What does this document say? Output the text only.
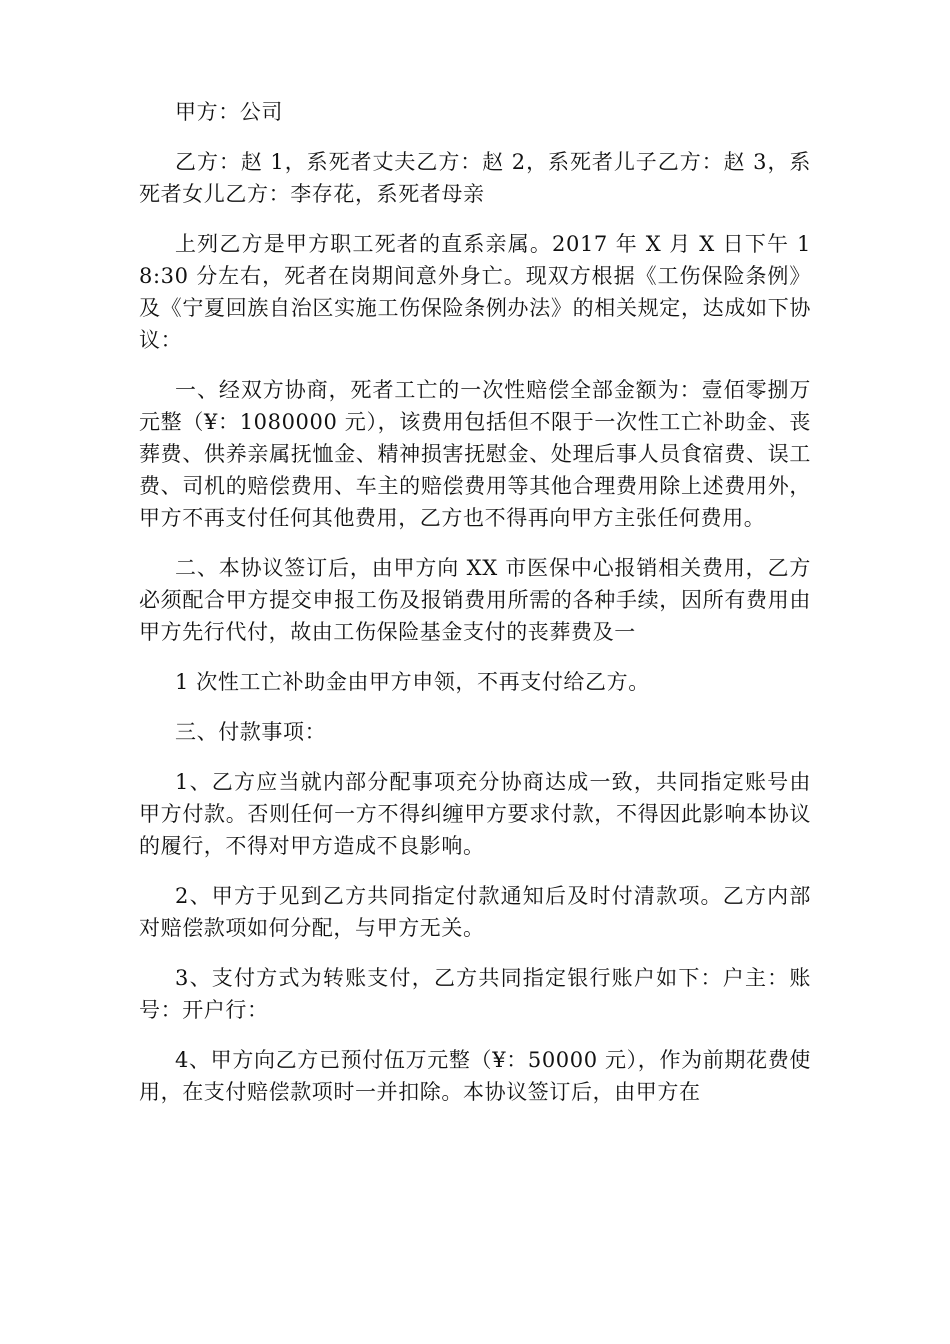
甲方：公司

乙方：赵 1，系死者丈夫乙方：赵 2，系死者儿子乙方：赵 3，系死者女儿乙方：李存花，系死者母亲

上列乙方是甲方职工死者的直系亲属。2017 年 X 月 X 日下午 18:30 分左右，死者在岗期间意外身亡。现双方根据《工伤保险条例》及《宁夏回族自治区实施工伤保险条例办法》的相关规定，达成如下协议：

一、经双方协商，死者工亡的一次性赔偿全部金额为：壹佰零捌万元整（¥：1080000 元），该费用包括但不限于一次性工亡补助金、丧葬费、供养亲属抚恤金、精神损害抚慰金、处理后事人员食宿费、误工费、司机的赔偿费用、车主的赔偿费用等其他合理费用除上述费用外，甲方不再支付任何其他费用，乙方也不得再向甲方主张任何费用。

二、本协议签订后，由甲方向 XX 市医保中心报销相关费用，乙方必须配合甲方提交申报工伤及报销费用所需的各种手续，因所有费用由甲方先行代付，故由工伤保险基金支付的丧葬费及一

1 次性工亡补助金由甲方申领，不再支付给乙方。

三、付款事项：

1、乙方应当就内部分配事项充分协商达成一致，共同指定账号由甲方付款。否则任何一方不得纠缠甲方要求付款，不得因此影响本协议的履行，不得对甲方造成不良影响。

2、甲方于见到乙方共同指定付款通知后及时付清款项。乙方内部对赔偿款项如何分配，与甲方无关。

3、支付方式为转账支付，乙方共同指定银行账户如下：户主：账号：开户行：

4、甲方向乙方已预付伍万元整（¥：50000 元），作为前期花费使用，在支付赔偿款项时一并扣除。本协议签订后，由甲方在
